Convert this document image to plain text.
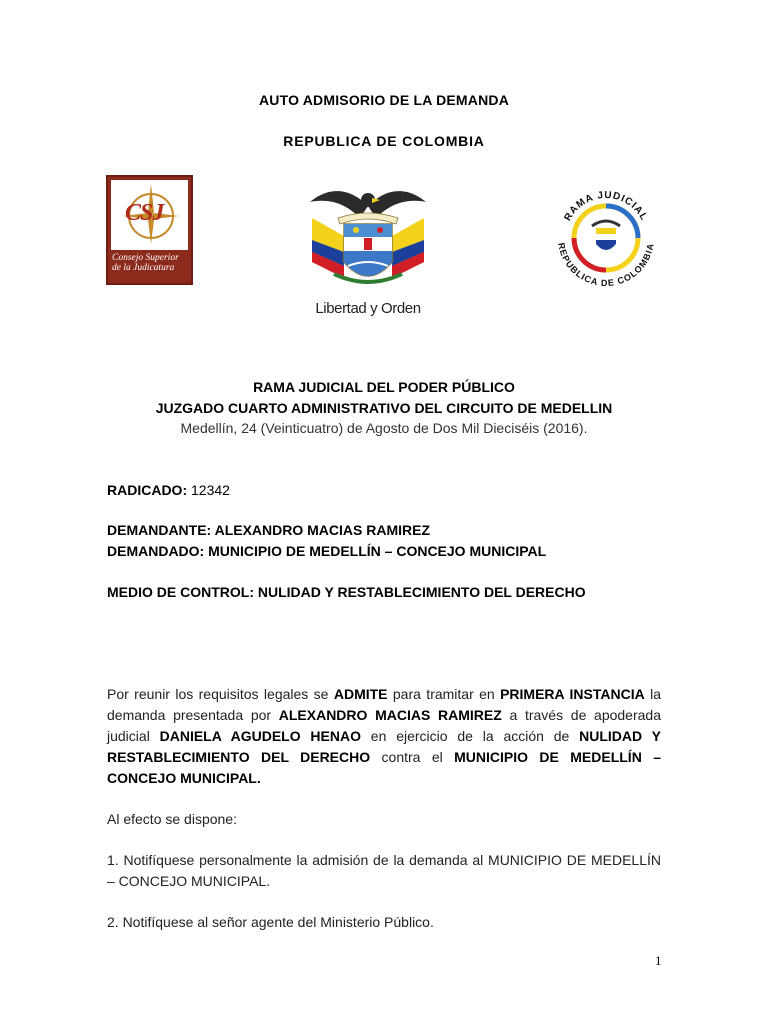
AUTO ADMISORIO DE LA DEMANDA
REPUBLICA DE COLOMBIA
CSJ
Consejo Superior
de la Judicatura
Libertad y Orden
RAMA JUDICIAL
REPUBLICA DE COLOMBIA
RAMA JUDICIAL DEL PODER PÚBLICO
JUZGADO CUARTO ADMINISTRATIVO DEL CIRCUITO DE MEDELLIN
Medellín, 24 (Veinticuatro) de Agosto de Dos Mil Dieciséis (2016).
RADICADO: 12342
DEMANDANTE: ALEXANDRO MACIAS RAMIREZ
DEMANDADO: MUNICIPIO DE MEDELLÍN – CONCEJO MUNICIPAL
MEDIO DE CONTROL: NULIDAD Y RESTABLECIMIENTO DEL DERECHO
Por reunir los requisitos legales se ADMITE para tramitar en PRIMERA INSTANCIA la demanda presentada por ALEXANDRO MACIAS RAMIREZ a través de apoderada judicial DANIELA AGUDELO HENAO en ejercicio de la acción de NULIDAD Y RESTABLECIMIENTO DEL DERECHO contra el MUNICIPIO DE MEDELLÍN – CONCEJO MUNICIPAL.
Al efecto se dispone:
1. Notifíquese personalmente la admisión de la demanda al MUNICIPIO DE MEDELLÍN – CONCEJO MUNICIPAL.
2. Notifíquese al señor agente del Ministerio Público.
1
